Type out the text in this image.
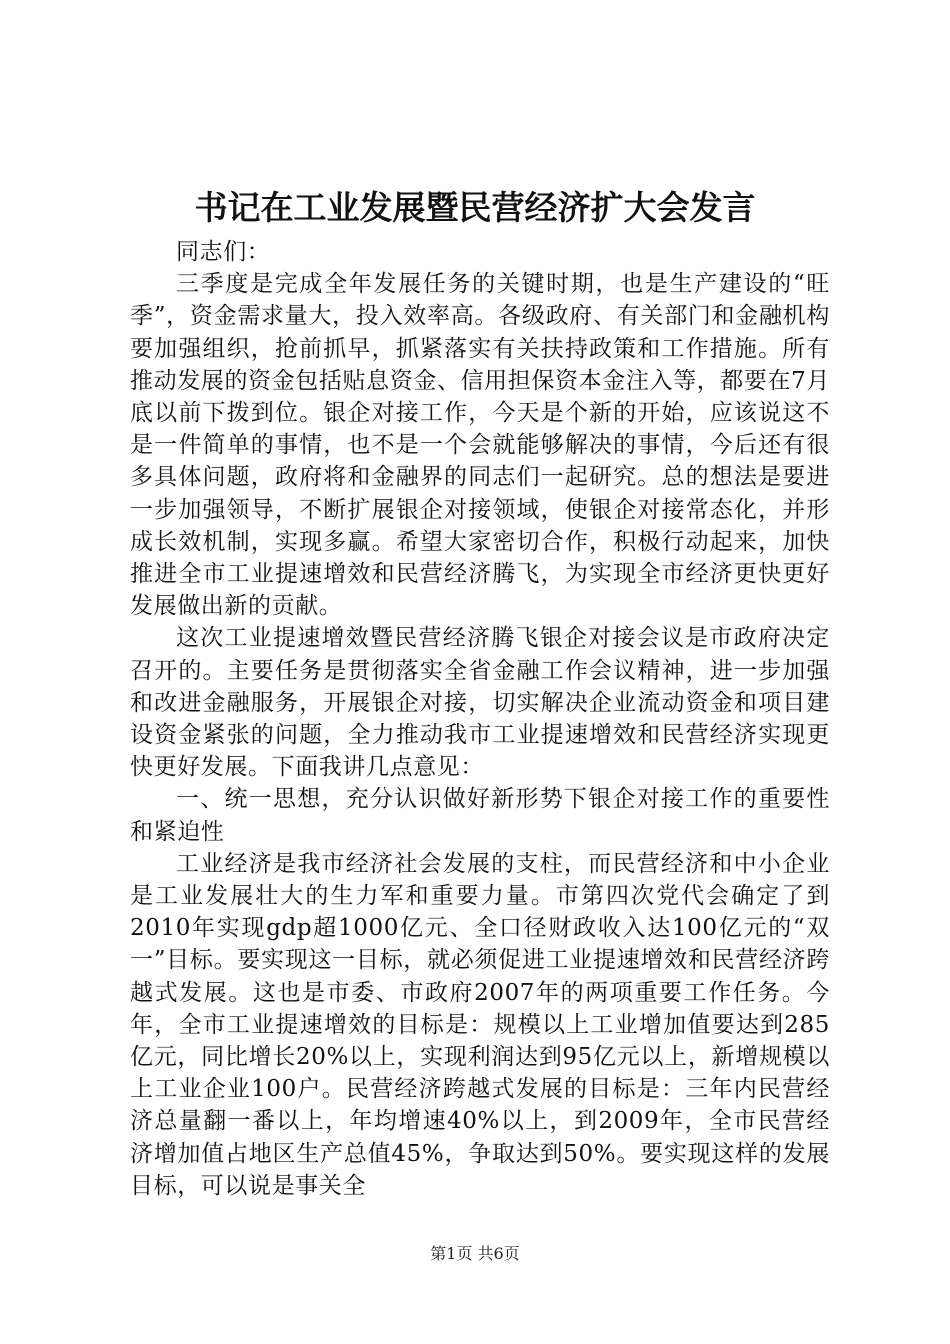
书记在工业发展暨民营经济扩大会发言

同志们：

三季度是完成全年发展任务的关键时期，也是生产建设的“旺季”，资金需求量大，投入效率高。各级政府、有关部门和金融机构要加强组织，抢前抓早，抓紧落实有关扶持政策和工作措施。所有推动发展的资金包括贴息资金、信用担保资本金注入等，都要在7月底以前下拨到位。银企对接工作，今天是个新的开始，应该说这不是一件简单的事情，也不是一个会就能够解决的事情，今后还有很多具体问题，政府将和金融界的同志们一起研究。总的想法是要进一步加强领导，不断扩展银企对接领域，使银企对接常态化，并形成长效机制，实现多赢。希望大家密切合作，积极行动起来，加快推进全市工业提速增效和民营经济腾飞，为实现全市经济更快更好发展做出新的贡献。

这次工业提速增效暨民营经济腾飞银企对接会议是市政府决定召开的。主要任务是贯彻落实全省金融工作会议精神，进一步加强和改进金融服务，开展银企对接，切实解决企业流动资金和项目建设资金紧张的问题，全力推动我市工业提速增效和民营经济实现更快更好发展。下面我讲几点意见：

一、统一思想，充分认识做好新形势下银企对接工作的重要性和紧迫性

工业经济是我市经济社会发展的支柱，而民营经济和中小企业是工业发展壮大的生力军和重要力量。市第四次党代会确定了到2010年实现gdp超1000亿元、全口径财政收入达100亿元的“双一”目标。要实现这一目标，就必须促进工业提速增效和民营经济跨越式发展。这也是市委、市政府2007年的两项重要工作任务。今年，全市工业提速增效的目标是：规模以上工业增加值要达到285亿元，同比增长20%以上，实现利润达到95亿元以上，新增规模以上工业企业100户。民营经济跨越式发展的目标是：三年内民营经济总量翻一番以上，年均增速40%以上，到2009年，全市民营经济增加值占地区生产总值45%，争取达到50%。要实现这样的发展目标，可以说是事关全

第1页 共6页
